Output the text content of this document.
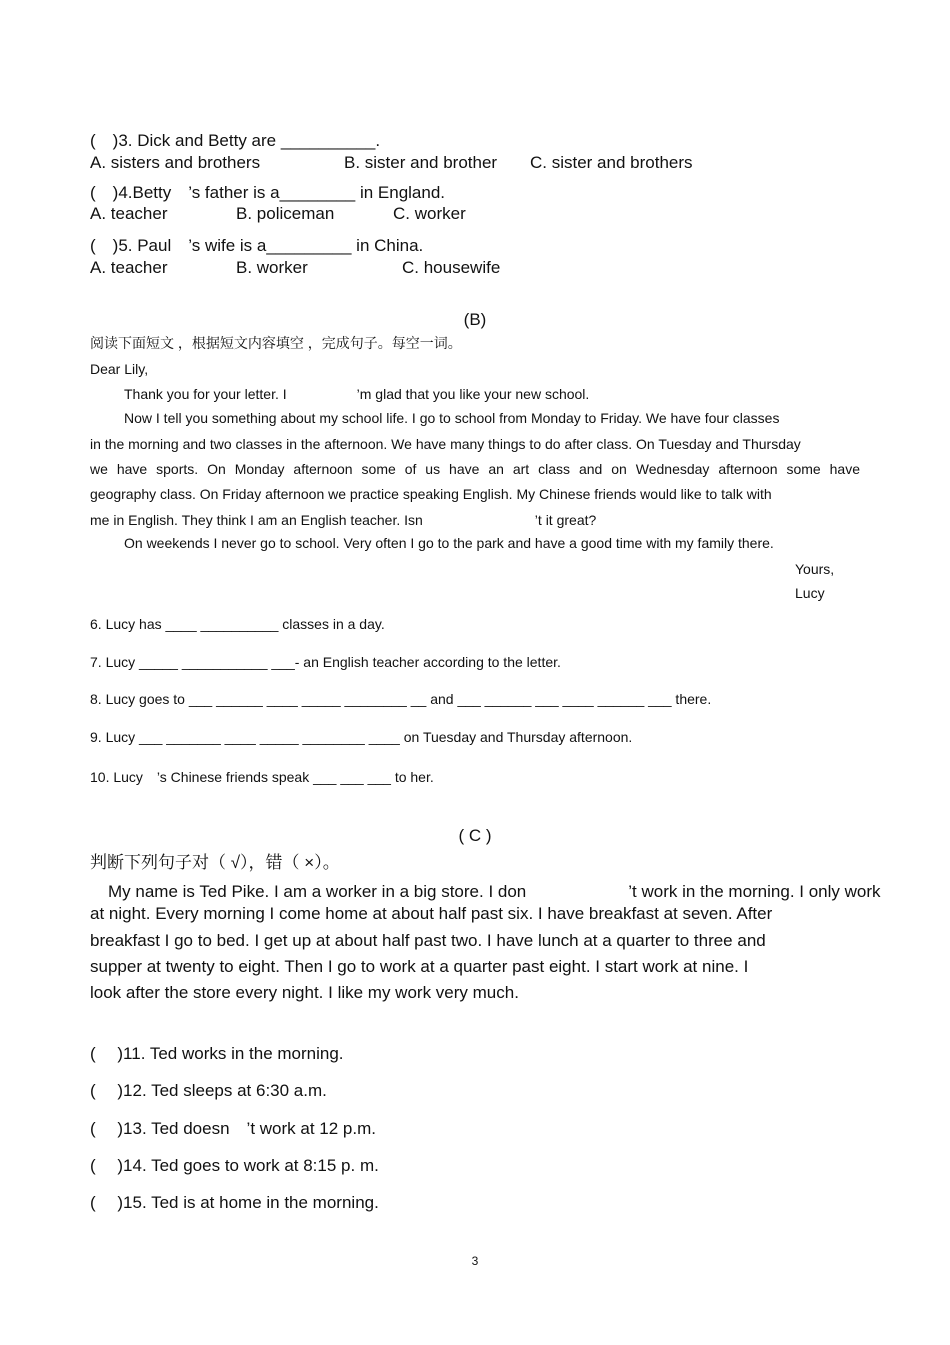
(　)3. Dick and Betty are __________.
A. sisters and brothers	B. sister and brother C. sister and brothers
(　)4.Betty　’s father is a________ in England.
A. teacher	B. policeman	C. worker
(　)5. Paul　’s wife is a_________ in China.
A. teacher	B. worker	C. housewife
(B)
阅读下面短文 ，根据短文内容填空 ，完成句子。每空一词。
Dear Lily,
Thank you for your letter. I　　　　　’m glad that you like your new school.
Now I tell you something about my school life. I go to school from Monday to Friday. We have four classes
in the morning and two classes in the afternoon. We have many things to do after class. On Tuesday and Thursday
we have sports. On Monday afternoon some of us have an art class and on Wednesday afternoon some have
geography class. On Friday afternoon we practice speaking English. My Chinese friends would like to talk with
me in English. They think I am an English teacher. Isn　　　　　　　　’t it great?
On weekends I never go to school. Very often I go to the park and have a good time with my family there.
Yours,
Lucy
6. Lucy has ____ __________ classes in a day.
7. Lucy _____ ___________ ___- an English teacher according to the letter.
8. Lucy goes to ___ ______ ____ _____ ________ __ and ___ ______ ___ ____ ______ ___ there.
9. Lucy ___ _______ ____ _____ ________ ____ on Tuesday and Thursday afternoon.
10. Lucy　’s Chinese friends speak ___ ___ ___ to her.
( C )
判断下列句子对（ √），错（ ×）。
My name is Ted Pike. I am a worker in a big store. I don　　　　　　’t work in the morning. I only work
at night. Every morning I come home at about half past six. I have breakfast at seven. After
breakfast I go to bed. I get up at about half past two. I have lunch at a quarter to three and
supper at twenty to eight. Then I go to work at a quarter past eight. I start work at nine. I
look after the store every night. I like my work very much.
(　 )11. Ted works in the morning.
(　 )12. Ted sleeps at 6:30 a.m.
(　 )13. Ted doesn　’t work at 12 p.m.
(　 )14. Ted goes to work at 8:15 p. m.
(　 )15. Ted is at home in the morning.
3
